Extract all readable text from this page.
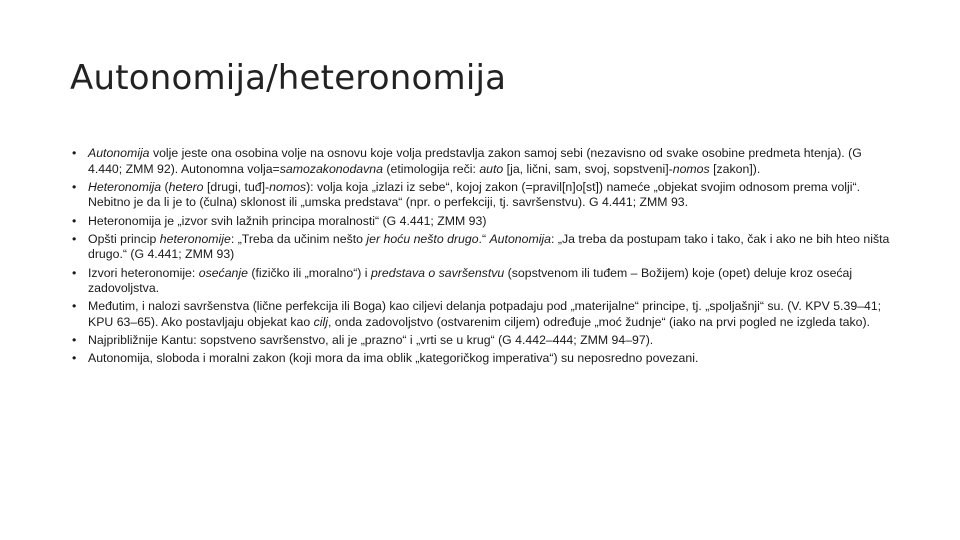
Autonomija/heteronomija
• Autonomija volje jeste ona osobina volje na osnovu koje volja predstavlja zakon samoj sebi (nezavisno od svake osobine predmeta htenja). (G 4.440; ZMM 92). Autonomna volja=samozakonodavna (etimologija reči: auto [ja, lični, sam, svoj, sopstveni]-nomos [zakon]).
• Heteronomija (hetero [drugi, tuđ]-nomos): volja koja „izlazi iz sebe“, kojoj zakon (=pravil[n]o[st]) nameće „objekat svojim odnosom prema volji“. Nebitno je da li je to (čulna) sklonost ili „umska predstava“ (npr. o perfekciji, tj. savršenstvu). G 4.441; ZMM 93.
• Heteronomija je „izvor svih lažnih principa moralnosti“ (G 4.441; ZMM 93)
• Opšti princip heteronomije: „Treba da učinim nešto jer hoću nešto drugo.“ Autonomija: „Ja treba da postupam tako i tako, čak i ako ne bih hteo ništa drugo.“ (G 4.441; ZMM 93)
• Izvori heteronomije: osećanje (fizičko ili „moralno“) i predstava o savršenstvu (sopstvenom ili tuđem – Božijem) koje (opet) deluje kroz osećaj zadovoljstva.
• Međutim, i nalozi savršenstva (lične perfekcija ili Boga) kao ciljevi delanja potpadaju pod „materijalne“ principe, tj. „spoljašnji“ su. (V. KPV 5.39–41; KPU 63–65). Ako postavljaju objekat kao cilj, onda zadovoljstvo (ostvarenim ciljem) određuje „moć žudnje“ (iako na prvi pogled ne izgleda tako).
• Najpribližnije Kantu: sopstveno savršenstvo, ali je „prazno“ i „vrti se u krug“ (G 4.442–444; ZMM 94–97).
• Autonomija, sloboda i moralni zakon (koji mora da ima oblik „kategoričkog imperativa“) su neposredno povezani.
